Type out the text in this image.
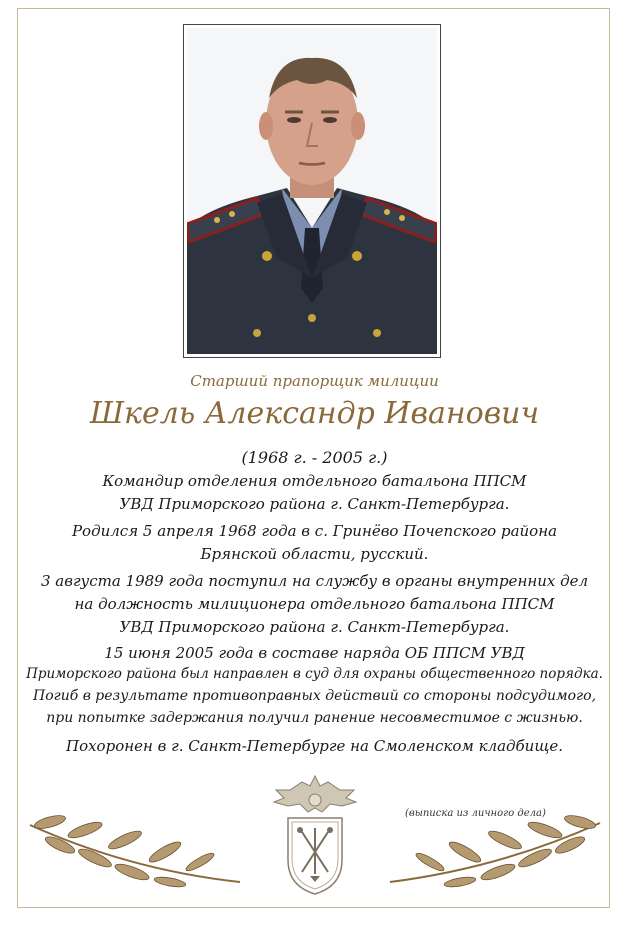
Старший прапорщик милиции
Шкель Александр Иванович
(1968 г. - 2005 г.)
Командир отделения отдельного батальона ППСМ
УВД Приморского района г. Санкт-Петербурга.
Родился 5 апреля 1968 года в с. Гринёво Почепского района
Брянской области, русский.
3 августа 1989 года поступил на службу в органы внутренних дел
на должность милиционера отдельного батальона ППСМ
УВД Приморского района г. Санкт-Петербурга.
15 июня 2005 года в составе наряда ОБ ППСМ УВД
Приморского района был направлен в суд для охраны общественного порядка.
Погиб в результате противоправных действий со стороны подсудимого,
при попытке задержания получил ранение несовместимое с жизнью.
Похоронен в г. Санкт-Петербурге на Смоленском кладбище.
(выписка из личного дела)
